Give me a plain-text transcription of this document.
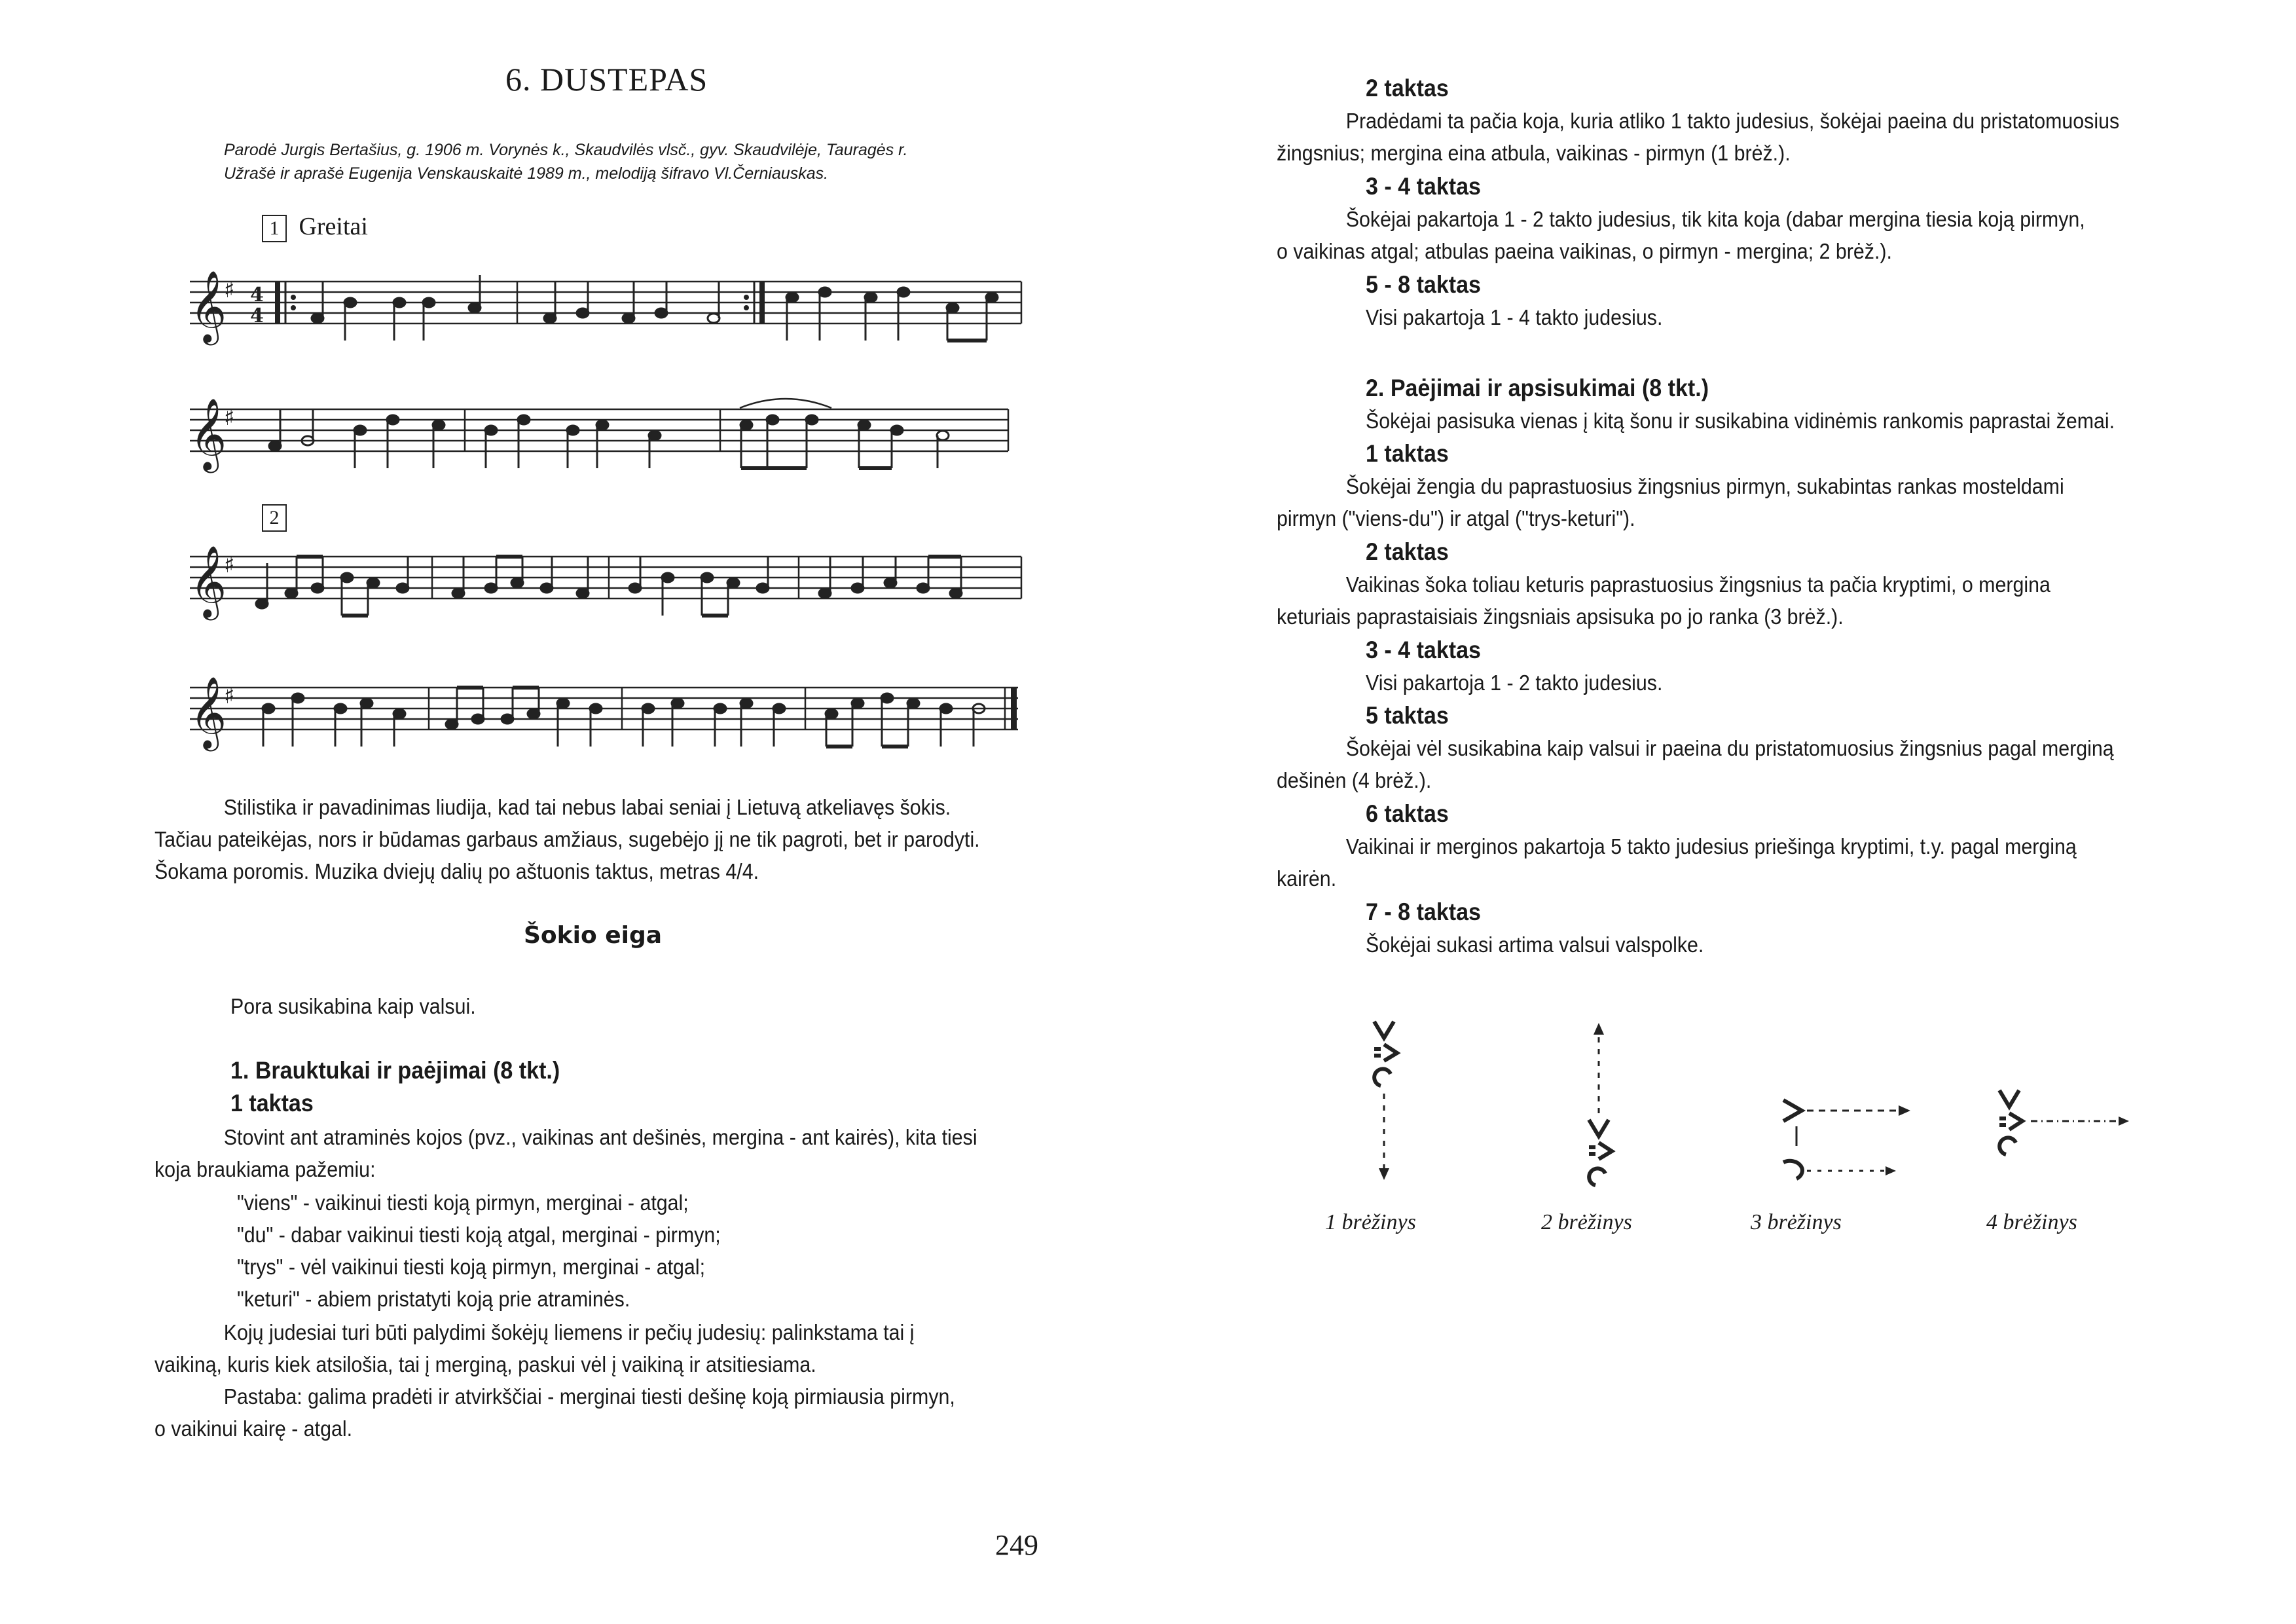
6. DUSTEPAS
Parodė Jurgis Bertašius, g. 1906 m. Vorynės k., Skaudvilės vlsč., gyv. Skaudvilėje, Tauragės r.
Užrašė ir aprašė Eugenija Venskauskaitė 1989 m., melodiją šifravo Vl.Černiauskas.
1 Greitai
𝄞
♯ 4
4
𝄞
♯
2
𝄞
♯
𝄞
♯

Stilistika ir pavadinimas liudija, kad tai nebus labai seniai į Lietuvą atkeliavęs šokis.

Tačiau pateikėjas, nors ir būdamas garbaus amžiaus, sugebėjo jį ne tik pagroti, bet ir parodyti.

Šokama poromis. Muzika dviejų dalių po aštuonis taktus, metras 4/4.

Šokio eiga
Pora susikabina kaip valsui.
1. Brauktukai ir paėjimai (8 tkt.)
1 taktas

Stovint ant atraminės kojos (pvz., vaikinas ant dešinės, mergina - ant kairės), kita tiesi

koja braukiama pažemiu:

"viens" - vaikinui tiesti koją pirmyn, merginai - atgal;

"du" - dabar vaikinui tiesti koją atgal, merginai - pirmyn;

"trys" - vėl vaikinui tiesti koją pirmyn, merginai - atgal;

"keturi" - abiem pristatyti koją prie atraminės.

Kojų judesiai turi būti palydimi šokėjų liemens ir pečių judesių: palinkstama tai į

vaikiną, kuris kiek atsilošia, tai į merginą, paskui vėl į vaikiną ir atsitiesiama.

Pastaba: galima pradėti ir atvirkščiai - merginai tiesti dešinę koją pirmiausia pirmyn,

o vaikinui kairę - atgal.

249
2 taktas

Pradėdami ta pačia koja, kuria atliko 1 takto judesius, šokėjai paeina du pristatomuosius

žingsnius; mergina eina atbula, vaikinas - pirmyn (1 brėž.).

3 - 4 taktas

Šokėjai pakartoja 1 - 2 takto judesius, tik kita koja (dabar mergina tiesia koją pirmyn,

o vaikinas atgal; atbulas paeina vaikinas, o pirmyn - mergina; 2 brėž.).

5 - 8 taktas
Visi pakartoja 1 - 4 takto judesius.
2. Paėjimai ir apsisukimai (8 tkt.)
Šokėjai pasisuka vienas į kitą šonu ir susikabina vidinėmis rankomis paprastai žemai.
1 taktas

Šokėjai žengia du paprastuosius žingsnius pirmyn, sukabintas rankas mosteldami

pirmyn ("viens-du") ir atgal ("trys-keturi").

2 taktas

Vaikinas šoka toliau keturis paprastuosius žingsnius ta pačia kryptimi, o mergina

keturiais paprastaisiais žingsniais apsisuka po jo ranka (3 brėž.).

3 - 4 taktas
Visi pakartoja 1 - 2 takto judesius.
5 taktas

Šokėjai vėl susikabina kaip valsui ir paeina du pristatomuosius žingsnius pagal merginą

dešinėn (4 brėž.).

6 taktas

Vaikinai ir merginos pakartoja 5 takto judesius priešinga kryptimi, t.y. pagal merginą

kairėn.

7 - 8 taktas
Šokėjai sukasi artima valsui valspolke.
1 brėžinys	2 brėžinys	3 brėžinys	4 brėžinys
